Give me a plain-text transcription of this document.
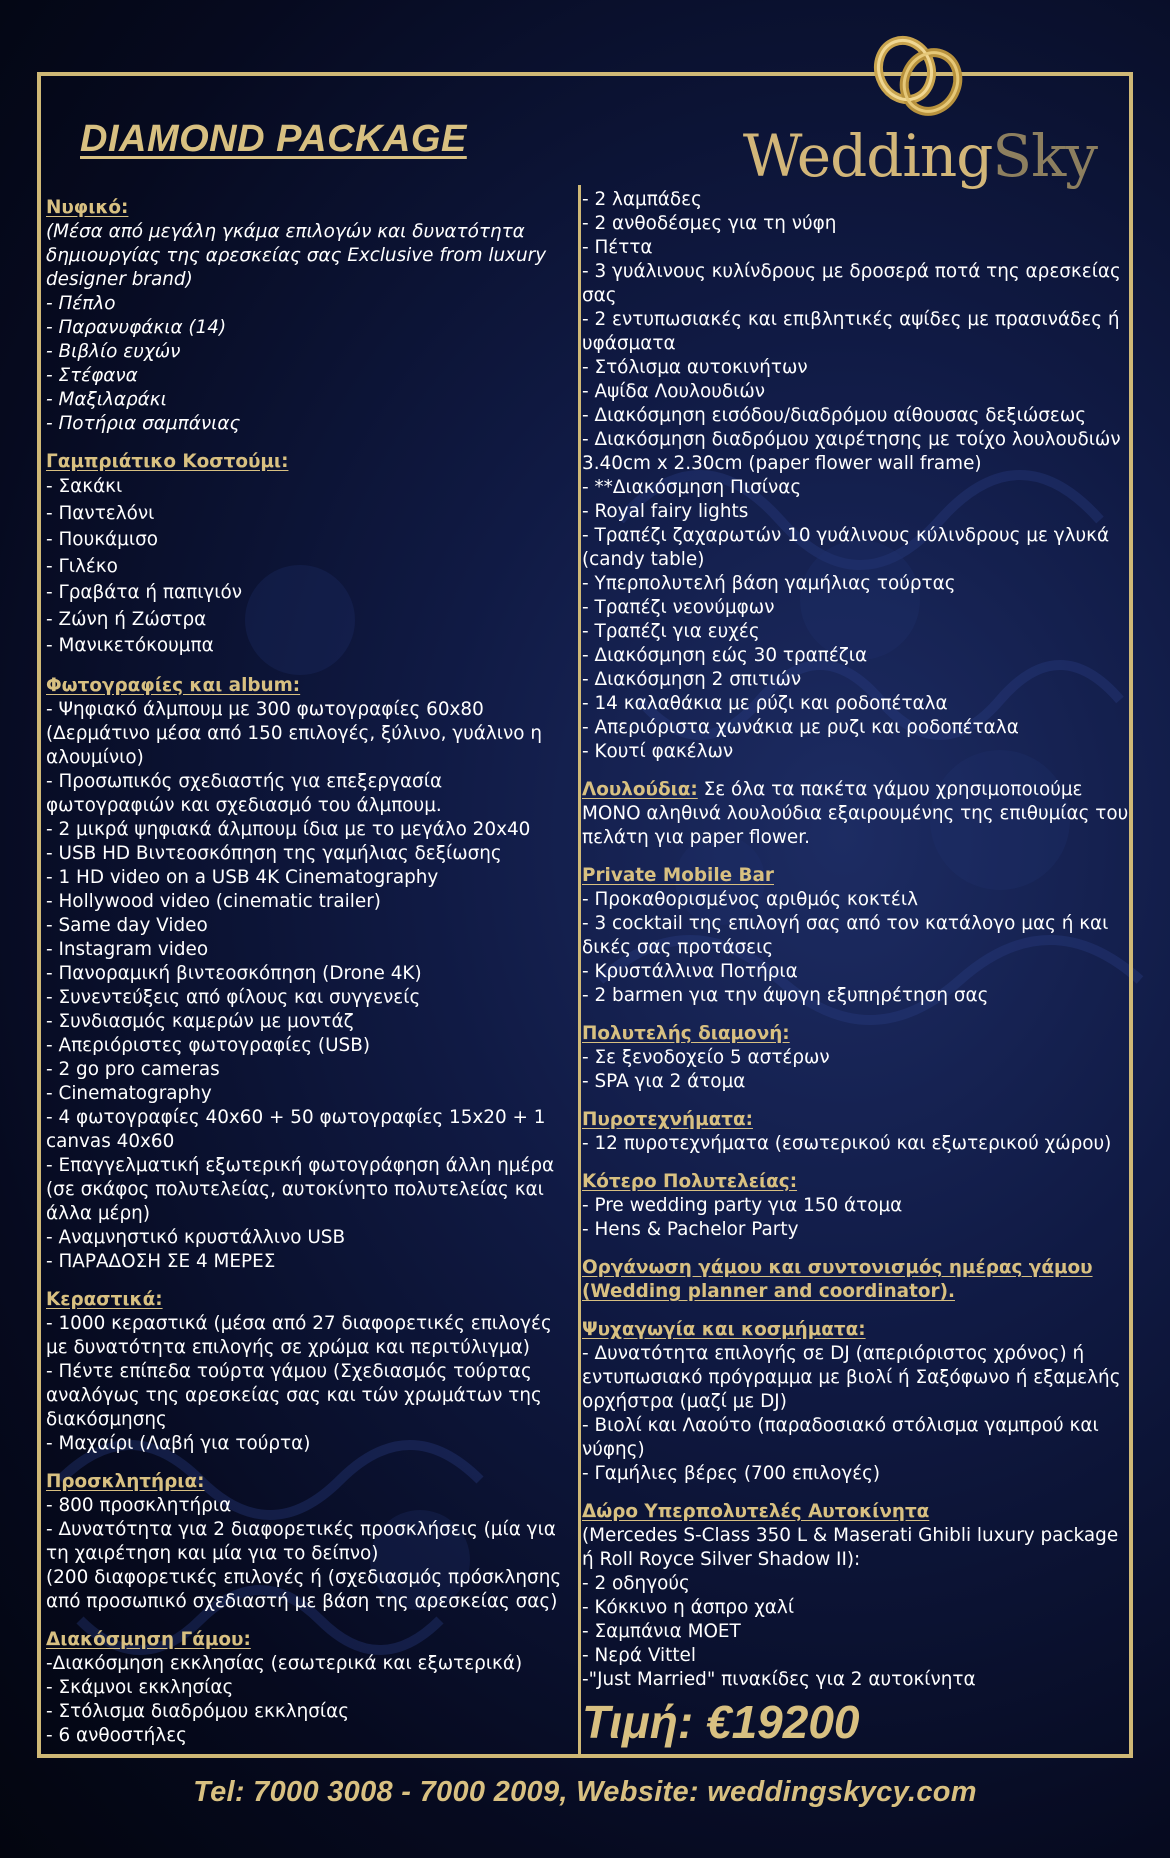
WeddingSky
DIAMOND PACKAGE
Νυφικό:
(Μέσα από μεγάλη γκάμα επιλογών και δυνατότητα δημιουργίας της αρεσκείας σας Exclusive from luxury designer brand)
- Πέπλο
- Παρανυφάκια (14)
- Βιβλίο ευχών
- Στέφανα
- Μαξιλαράκι
- Ποτήρια σαμπάνιας
Γαμπριάτικο Κοστούμι:
- Σακάκι
- Παντελόνι
- Πουκάμισο
- Γιλέκο
- Γραβάτα ή παπιγιόν
- Ζώνη ή Ζώστρα
- Μανικετόκουμπα
Φωτογραφίες και album:
- Ψηφιακό άλμπουμ με 300 φωτογραφίες 60x80 (Δερμάτινο μέσα από 150 επιλογές, ξύλινο, γυάλινο η αλουμίνιο)
- Προσωπικός σχεδιαστής για επεξεργασία φωτογραφιών και σχεδιασμό του άλμπουμ.
- 2 μικρά ψηφιακά άλμπουμ ίδια με το μεγάλο 20x40
- USB HD Βιντεοσκόπηση της γαμήλιας δεξίωσης
- 1 HD video on a USB 4K Cinematography
- Hollywood video (cinematic trailer)
- Same day Video
- Instagram video
- Πανοραμική βιντεοσκόπηση (Drone 4K)
- Συνεντεύξεις από φίλους και συγγενείς
- Συνδιασμός καμερών με μοντάζ
- Απεριόριστες φωτογραφίες (USB)
- 2 go pro cameras
- Cinematography
- 4 φωτογραφίες 40x60 + 50 φωτογραφίες 15x20 + 1 canvas 40x60
- Επαγγελματική εξωτερική φωτογράφηση άλλη ημέρα (σε σκάφος πολυτελείας, αυτοκίνητο πολυτελείας και άλλα μέρη)
- Αναμνηστικό κρυστάλλινο USB
- ΠΑΡΑΔΟΣΗ ΣΕ 4 ΜΕΡΕΣ
Κεραστικά:
- 1000 κεραστικά (μέσα από 27 διαφορετικές επιλογές με δυνατότητα επιλογής σε χρώμα και περιτύλιγμα)
- Πέντε επίπεδα τούρτα γάμου (Σχεδιασμός τούρτας αναλόγως της αρεσκείας σας και τών χρωμάτων της διακόσμησης
- Μαχαίρι (Λαβή για τούρτα)
Προσκλητήρια:
- 800 προσκλητήρια
- Δυνατότητα για 2 διαφορετικές προσκλήσεις (μία για τη χαιρέτηση και μία για το δείπνο)
(200 διαφορετικές επιλογές ή (σχεδιασμός πρόσκλησης από προσωπικό σχεδιαστή με βάση της αρεσκείας σας)
Διακόσμηση Γάμου:
-Διακόσμηση εκκλησίας (εσωτερικά και εξωτερικά)
- Σκάμνοι εκκλησίας
- Στόλισμα διαδρόμου εκκλησίας
- 6 ανθοστήλες
- 2 λαμπάδες
- 2 ανθοδέσμες για τη νύφη
- Πέττα
- 3 γυάλινους κυλίνδρους με δροσερά ποτά της αρεσκείας σας
- 2 εντυπωσιακές και επιβλητικές αψίδες με πρασινάδες ή υφάσματα
- Στόλισμα αυτοκινήτων
- Αψίδα Λουλουδιών
- Διακόσμηση εισόδου/διαδρόμου αίθουσας δεξιώσεως
- Διακόσμηση διαδρόμου χαιρέτησης με τοίχο λουλουδιών 3.40cm x 2.30cm (paper flower wall frame)
- **Διακόσμηση Πισίνας
- Royal fairy lights
- Τραπέζι ζαχαρωτών 10 γυάλινους κύλινδρους με γλυκά (candy table)
- Υπερπολυτελή βάση γαμήλιας τούρτας
- Τραπέζι νεονύμφων
- Τραπέζι για ευχές
- Διακόσμηση εώς 30 τραπέζια
- Διακόσμηση 2 σπιτιών
- 14 καλαθάκια με ρύζι και ροδοπέταλα
- Απεριόριστα χωνάκια με ρυζι και ροδοπέταλα
- Κουτί φακέλων
Λουλούδια: Σε όλα τα πακέτα γάμου χρησιμοποιούμε ΜΟΝΟ αληθινά λουλούδια εξαιρουμένης της επιθυμίας του πελάτη για paper flower.
Private Mobile Bar
- Προκαθορισμένος αριθμός κοκτέιλ
- 3 cocktail της επιλογή σας από τον κατάλογο μας ή και δικές σας προτάσεις
- Κρυστάλλινα Ποτήρια
- 2 barmen για την άψογη εξυπηρέτηση σας
Πολυτελής διαμονή:
- Σε ξενοδοχείο 5 αστέρων
- SPA για 2 άτομα
Πυροτεχνήματα:
- 12 πυροτεχνήματα (εσωτερικού και εξωτερικού χώρου)
Κότερο Πολυτελείας:
- Pre wedding party για 150 άτομα
- Hens & Pachelor Party
Οργάνωση γάμου και συντονισμός ημέρας γάμου (Wedding planner and coordinator).
Ψυχαγωγία και κοσμήματα:
- Δυνατότητα επιλογής σε DJ (απεριόριστος χρόνος) ή εντυπωσιακό πρόγραμμα με βιολί ή Σαξόφωνο ή εξαμελής ορχήστρα (μαζί με DJ)
- Βιολί και Λαούτο (παραδοσιακό στόλισμα γαμπρού και νύφης)
- Γαμήλιες βέρες (700 επιλογές)
Δώρο Υπερπολυτελές Αυτοκίνητα
(Mercedes S-Class 350 L & Maserati Ghibli luxury package ή Roll Royce Silver Shadow II):
- 2 οδηγούς
- Κόκκινο η άσπρο χαλί
- Σαμπάνια ΜΟΕΤ
- Νερά Vittel
-"Just Married" πινακίδες για 2 αυτοκίνητα
Τιμή: €19200
Tel: 7000 3008 - 7000 2009, Website: weddingskycy.com
